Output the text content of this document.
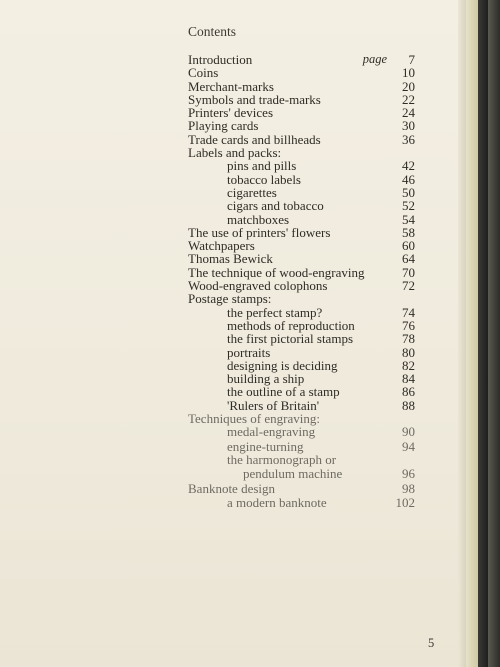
Contents
Introduction	page 7
Coins	10
Merchant-marks	20
Symbols and trade-marks	22
Printers' devices	24
Playing cards	30
Trade cards and billheads	36
Labels and packs:
pins and pills	42
tobacco labels	46
cigarettes	50
cigars and tobacco	52
matchboxes	54
The use of printers' flowers	58
Watchpapers	60
Thomas Bewick	64
The technique of wood-engraving	70
Wood-engraved colophons	72
Postage stamps:
the perfect stamp?	74
methods of reproduction	76
the first pictorial stamps	78
portraits	80
designing is deciding	82
building a ship	84
the outline of a stamp	86
'Rulers of Britain'	88
Techniques of engraving:
medal-engraving	90
engine-turning	94
the harmonograph or
pendulum machine	96
Banknote design	98
a modern banknote	102
5
